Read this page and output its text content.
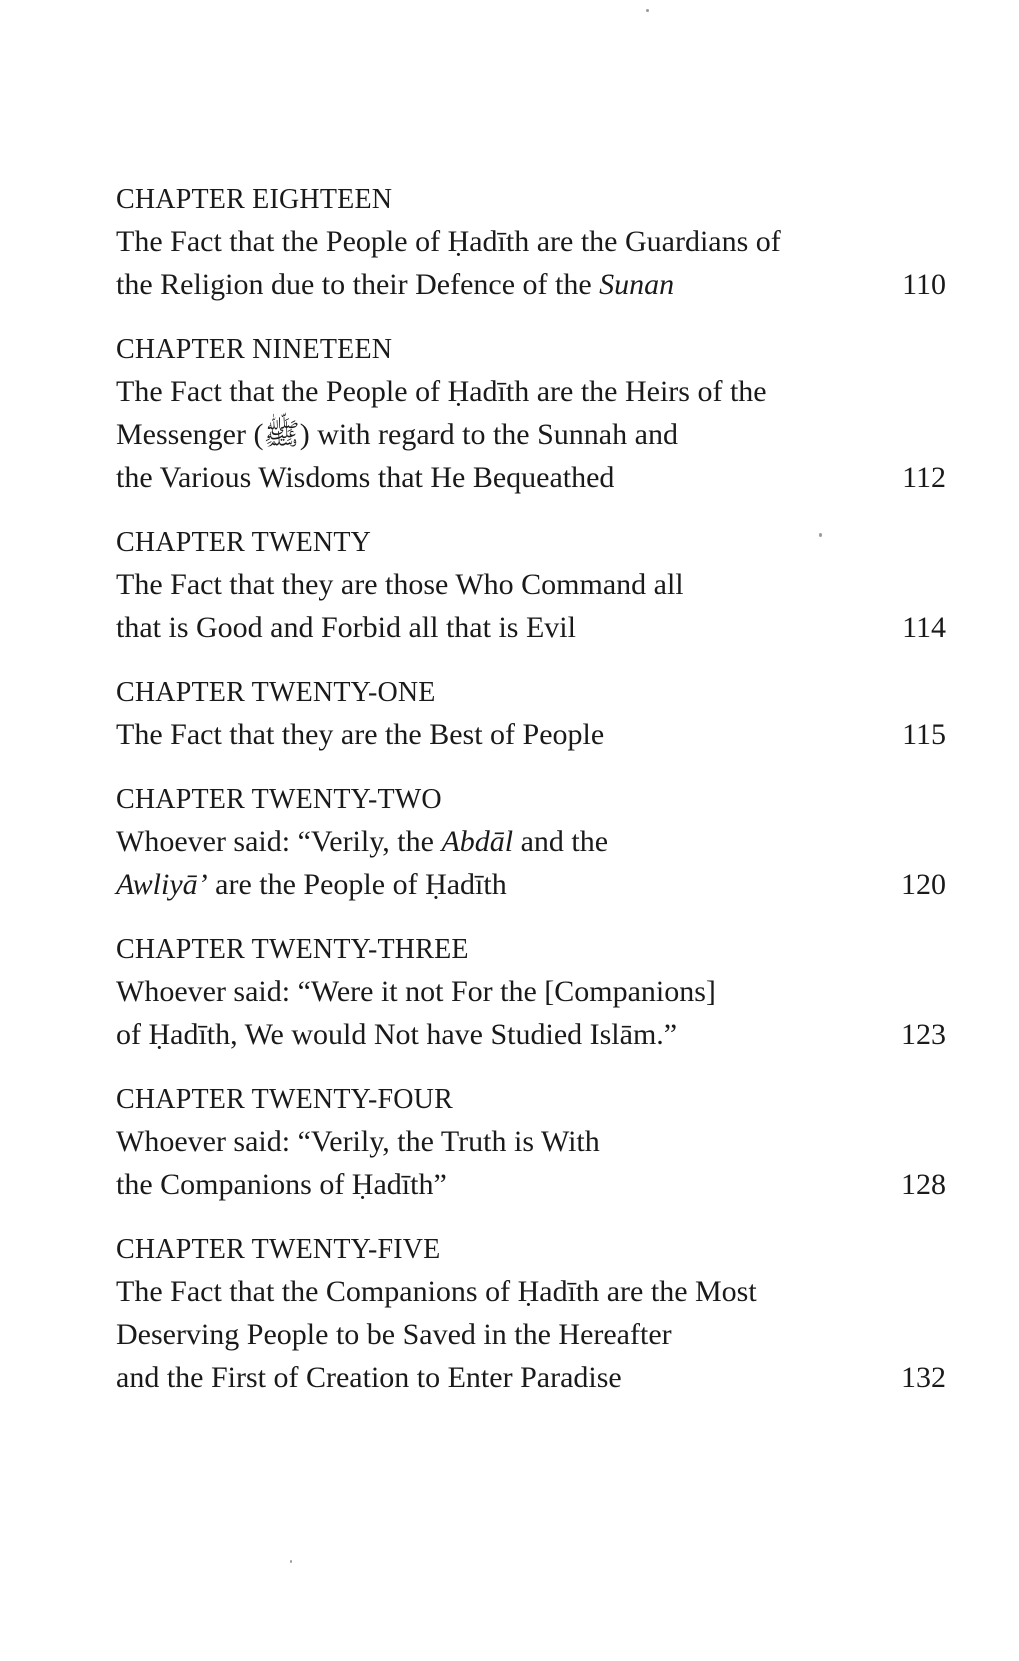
CHAPTER EIGHTEEN
The Fact that the People of Ḥadīth are the Guardians of
the Religion due to their Defence of the Sunan	110
CHAPTER NINETEEN
The Fact that the People of Ḥadīth are the Heirs of the
Messenger (ﷺ) with regard to the Sunnah and
the Various Wisdoms that He Bequeathed	112
CHAPTER TWENTY
The Fact that they are those Who Command all
that is Good and Forbid all that is Evil	114
CHAPTER TWENTY-ONE
The Fact that they are the Best of People	115
CHAPTER TWENTY-TWO
Whoever said: “Verily, the Abdāl and the
Awliyā’ are the People of Ḥadīth	120
CHAPTER TWENTY-THREE
Whoever said: “Were it not For the [Companions]
of Ḥadīth, We would Not have Studied Islām.”	123
CHAPTER TWENTY-FOUR
Whoever said: “Verily, the Truth is With
the Companions of Ḥadīth”	128
CHAPTER TWENTY-FIVE
The Fact that the Companions of Ḥadīth are the Most
Deserving People to be Saved in the Hereafter
and the First of Creation to Enter Paradise	132
